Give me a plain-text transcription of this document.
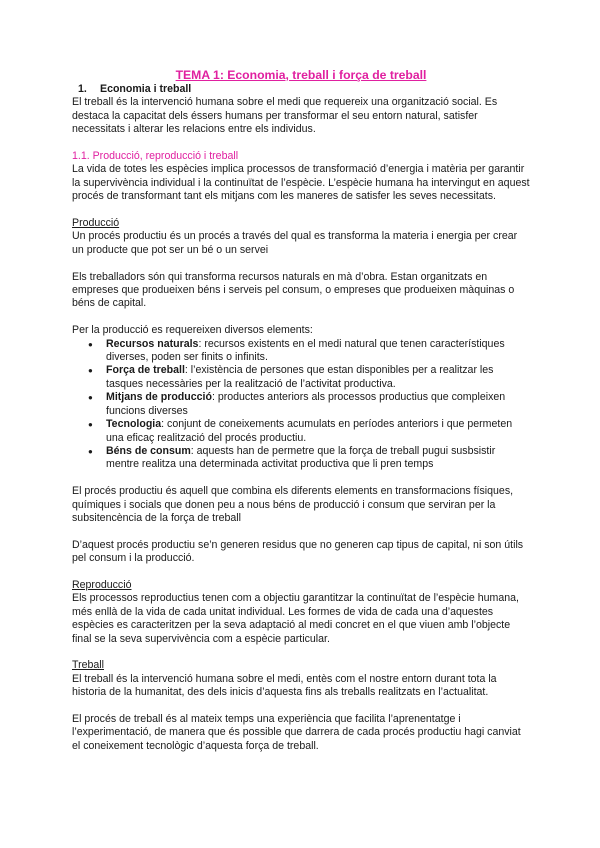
TEMA 1: Economia, treball i força de treball
1. Economia i treball

El treball és la intervenció humana sobre el medi que requereix una organització social. Es destaca la capacitat dels éssers humans per transformar el seu entorn natural, satisfer necessitats i alterar les relacions entre els individus.

1.1. Producció, reproducció i treball

La vida de totes les espècies implica processos de transformació d’energia i matèria per garantir la supervivència individual i la continuïtat de l’espècie. L’espècie humana ha intervingut en aquest procés de transformant tant els mitjans com les maneres de satisfer les seves necessitats.

Producció

Un procés productiu és un procés a través del qual es transforma la materia i energia per crear un producte que pot ser un bé o un servei

Els treballadors són qui transforma recursos naturals en mà d’obra. Estan organitzats en empreses que produeixen béns i serveis pel consum, o empreses que produeixen màquinas o béns de capital.

Per la producció es requereixen diversos elements:

● Recursos naturals: recursos existents en el medi natural que tenen característiques diverses, poden ser finits o infinits.
● Força de treball: l’existència de persones que estan disponibles per a realitzar les tasques necessàries per la realització de l’activitat productiva.
● Mitjans de producció: productes anteriors als processos productius que compleixen funcions diverses
● Tecnologia: conjunt de coneixements acumulats en períodes anteriors i que permeten una eficaç realització del procés productiu.
● Béns de consum: aquests han de permetre que la força de treball pugui susbsistir mentre realitza una determinada activitat productiva que li pren temps

El procés productiu és aquell que combina els diferents elements en transformacions físiques, químiques i socials que donen peu a nous béns de producció i consum que serviran per la subsitencència de la força de treball

D’aquest procés productiu se’n generen residus que no generen cap tipus de capital, ni son útils pel consum i la producció.

Reproducció

Els processos reproductius tenen com a objectiu garantitzar la continuïtat de l’espècie humana, més enllà de la vida de cada unitat individual. Les formes de vida de cada una d’aquestes espècies es caracteritzen per la seva adaptació al medi concret en el que viuen amb l’objecte final se la seva supervivència com a espècie particular.

Treball

El treball és la intervenció humana sobre el medi, entès com el nostre entorn durant tota la historia de la humanitat, des dels inicis d’aquesta fins als treballs realitzats en l’actualitat.

El procés de treball és al mateix temps una experiència que facilita l’aprenentatge i l’experimentació, de manera que és possible que darrera de cada procés productiu hagi canviat el coneixement tecnològic d’aquesta força de treball.
